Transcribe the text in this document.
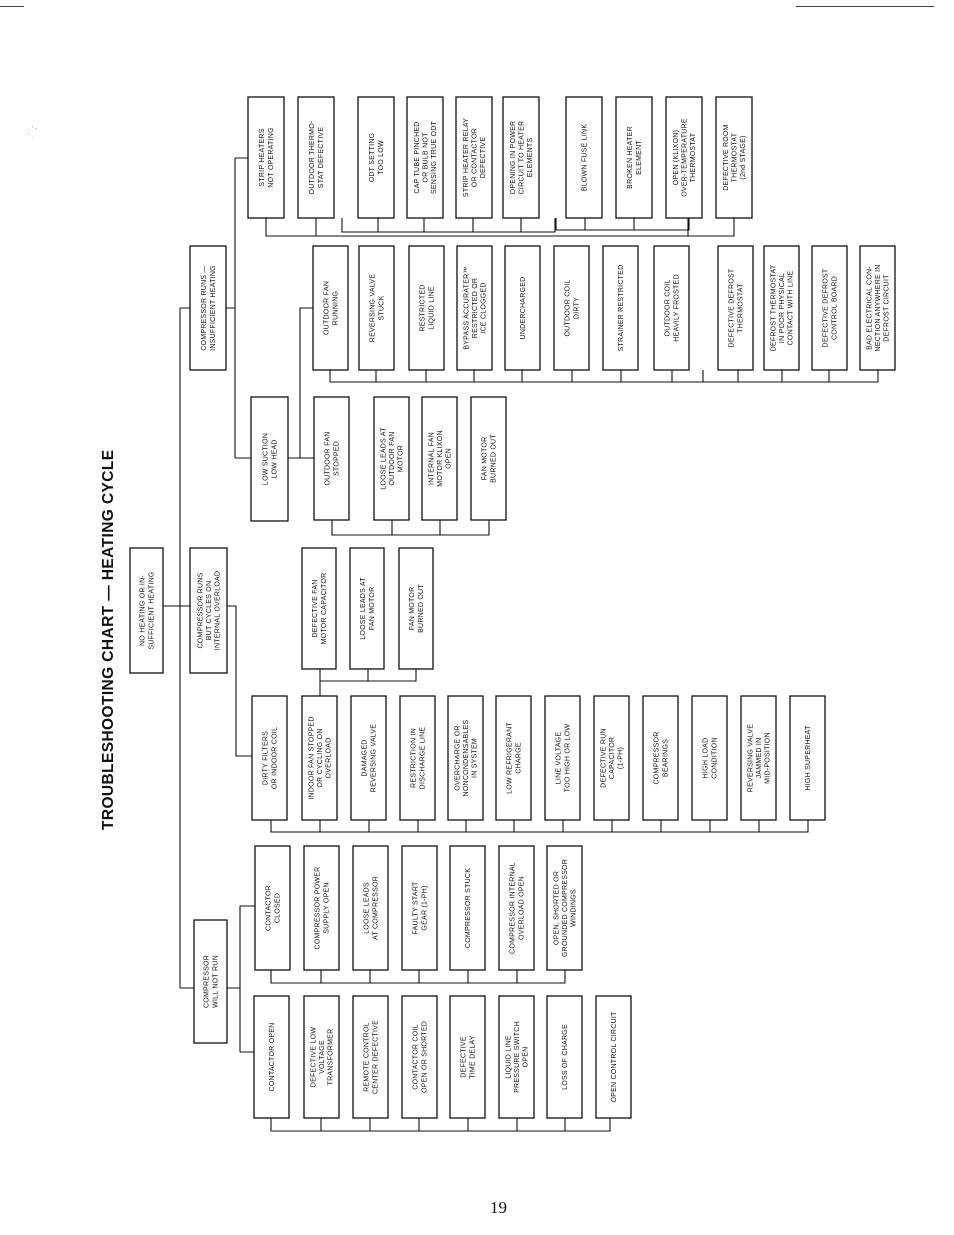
. ' -
' .
TROUBLESHOOTING CHART — HEATING CYCLE	NO HEATING OR IN- SUFFICIENT HEATING
COMPRESSOR WILL NOT RUN
COMPRESSOR RUNS BUT CYCLES ON INTERNAL OVERLOAD
COMPRESSOR RUNS — INSUFFICIENT HEATING
CONTACTOR OPEN	DEFECTIVE LOW VOLTAGE TRANSFORMER	REMOTE CONTROL CENTER DEFECTIVE	CONTACTOR COIL OPEN OR SHORTED	DEFECTIVE TIME DELAY	LIQUID LINE PRESSURE SWITCH OPEN	LOSS OF CHARGE	OPEN CONTROL CIRCUIT
CONTACTOR CLOSED	COMPRESSOR POWER SUPPLY OPEN	LOOSE LEADS AT COMPRESSOR	FAULTY START GEAR (1-PH)	COMPRESSOR STUCK	COMPRESSOR INTERNAL OVERLOAD OPEN	OPEN, SHORTED OR GROUNDED COMPRESSOR WINDINGS
DIRTY FILTERS OR INDOOR COIL	INDOOR FAN STOPPED OR CYCLING ON OVERLOAD	DAMAGED REVERSING VALVE	RESTRICTION IN DISCHARGE LINE	OVERCHARGE OR NONCONDENSABLES IN SYSTEM	LOW REFRIGERANT CHARGE	LINE VOLTAGE TOO HIGH OR LOW	DEFECTIVE RUN CAPACITOR (1-PH)	COMPRESSOR BEARINGS	HIGH LOAD CONDITION	REVERSING VALVE JAMMED IN MID-POSITION	HIGH SUPERHEAT
DEFECTIVE FAN MOTOR CAPACITOR	LOOSE LEADS AT FAN MOTOR	FAN MOTOR BURNED OUT
LOW SUCTION LOW HEAD	OUTDOOR FAN STOPPED	LOOSE LEADS AT OUTDOOR FAN MOTOR	INTERNAL FAN MOTOR KLIXON OPEN	FAN MOTOR BURNED OUT
OUTDOOR FAN RUNNING	REVERSING VALVE STUCK	RESTRICTED LIQUID LINE	BYPASS ACCURATER™ RESTRICTED OR ICE CLOGGED	UNDERCHARGED	OUTDOOR COIL DIRTY	STRAINER RESTRICTED	OUTDOOR COIL HEAVILY FROSTED	DEFECTIVE DEFROST THERMOSTAT	DEFROST THERMOSTAT IN POOR PHYSICAL CONTACT WITH LINE	DEFECTIVE DEFROST CONTROL BOARD	BAD ELECTRICAL CON- NECTION ANYWHERE IN DEFROST CIRCUIT
STRIP HEATERS NOT OPERATING	OUTDOOR THERMO- STAT DEFECTIVE	ODT SETTING TOO LOW	CAP TUBE PINCHED OR BULB NOT SENSING TRUE ODT	STRIP HEATER RELAY OR CONTACTOR DEFECTIVE	OPENING IN POWER CIRCUIT TO HEATER ELEMENTS	BLOWN FUSE LINK	BROKEN HEATER ELEMENT	OPEN (KLIXON) OVER-TEMPERATURE THERMOSTAT	DEFECTIVE ROOM THERMOSTAT (2nd STAGE)
19
